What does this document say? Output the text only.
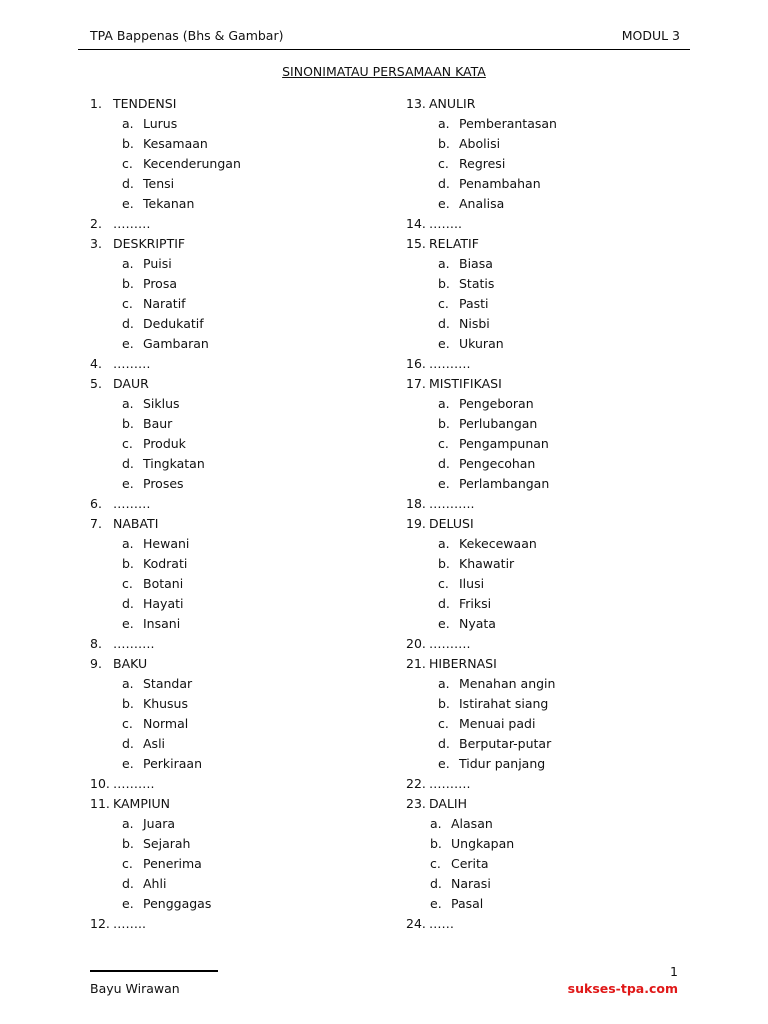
TPA Bappenas (Bhs & Gambar)	MODUL 3
SINONIMATAU PERSAMAAN KATA
1. TENDENSI
a. Lurus
b. Kesamaan
c. Kecenderungan
d. Tensi
e. Tekanan
2. ………
3. DESKRIPTIF
a. Puisi
b. Prosa
c. Naratif
d. Dedukatif
e. Gambaran
4. ………
5. DAUR
a. Siklus
b. Baur
c. Produk
d. Tingkatan
e. Proses
6. ………
7. NABATI
a. Hewani
b. Kodrati
c. Botani
d. Hayati
e. Insani
8. ……….
9. BAKU
a. Standar
b. Khusus
c. Normal
d. Asli
e. Perkiraan
10. ……….
11. KAMPIUN
a. Juara
b. Sejarah
c. Penerima
d. Ahli
e. Penggagas
12. ……..
13. ANULIR
a. Pemberantasan
b. Abolisi
c. Regresi
d. Penambahan
e. Analisa
14. ……..
15. RELATIF
a. Biasa
b. Statis
c. Pasti
d. Nisbi
e. Ukuran
16. ……….
17. MISTIFIKASI
a. Pengeboran
b. Perlubangan
c. Pengampunan
d. Pengecohan
e. Perlambangan
18. ………..
19. DELUSI
a. Kekecewaan
b. Khawatir
c. Ilusi
d. Friksi
e. Nyata
20. ……….
21. HIBERNASI
a. Menahan angin
b. Istirahat siang
c. Menuai padi
d. Berputar-putar
e. Tidur panjang
22. ……….
23. DALIH
a. Alasan
b. Ungkapan
c. Cerita
d. Narasi
e. Pasal
24. ……
Bayu Wirawan
1
sukses-tpa.com
